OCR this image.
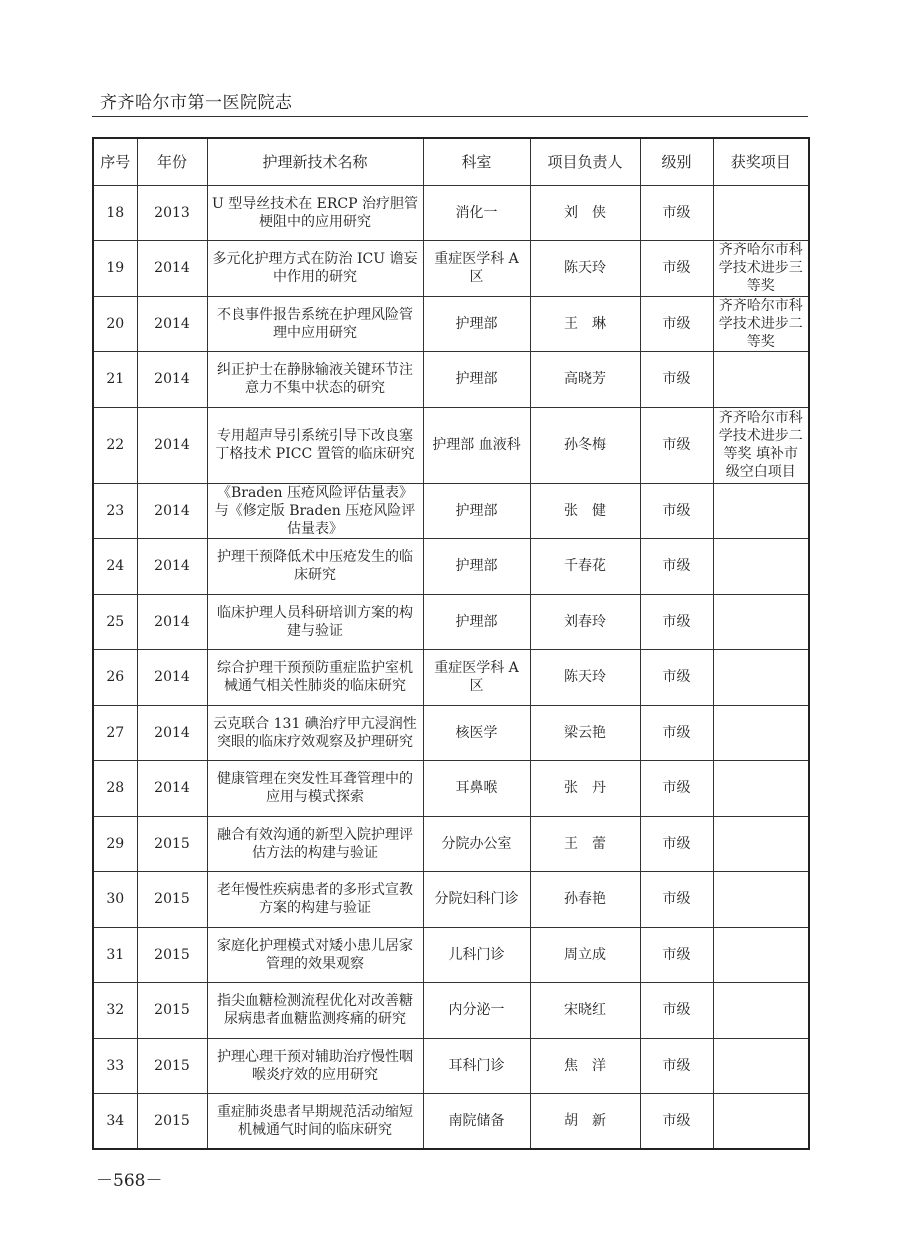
齐齐哈尔市第一医院院志
序号	年份	护理新技术名称	科室	项目负责人	级别	获奖项目
18	2013	U 型导丝技术在 ERCP 治疗胆管梗阻中的应用研究	消化一	刘　侠	市级	
19	2014	多元化护理方式在防治 ICU 谵妄中作用的研究	重症医学科 A 区	陈天玲	市级	齐齐哈尔市科学技术进步三等奖
20	2014	不良事件报告系统在护理风险管理中应用研究	护理部	王　琳	市级	齐齐哈尔市科学技术进步二等奖
21	2014	纠正护士在静脉输液关键环节注意力不集中状态的研究	护理部	高晓芳	市级	
22	2014	专用超声导引系统引导下改良塞丁格技术 PICC 置管的临床研究	护理部 血液科	孙冬梅	市级	齐齐哈尔市科学技术进步二等奖 填补市级空白项目
23	2014	《Braden 压疮风险评估量表》与《修定版 Braden 压疮风险评估量表》	护理部	张　健	市级	
24	2014	护理干预降低术中压疮发生的临床研究	护理部	千春花	市级	
25	2014	临床护理人员科研培训方案的构建与验证	护理部	刘春玲	市级	
26	2014	综合护理干预预防重症监护室机械通气相关性肺炎的临床研究	重症医学科 A 区	陈天玲	市级	
27	2014	云克联合 131 碘治疗甲亢浸润性突眼的临床疗效观察及护理研究	核医学	梁云艳	市级	
28	2014	健康管理在突发性耳聋管理中的应用与模式探索	耳鼻喉	张　丹	市级	
29	2015	融合有效沟通的新型入院护理评估方法的构建与验证	分院办公室	王　蕾	市级	
30	2015	老年慢性疾病患者的多形式宣教方案的构建与验证	分院妇科门诊	孙春艳	市级	
31	2015	家庭化护理模式对矮小患儿居家管理的效果观察	儿科门诊	周立成	市级	
32	2015	指尖血糖检测流程优化对改善糖尿病患者血糖监测疼痛的研究	内分泌一	宋晓红	市级	
33	2015	护理心理干预对辅助治疗慢性咽喉炎疗效的应用研究	耳科门诊	焦　洋	市级	
34	2015	重症肺炎患者早期规范活动缩短机械通气时间的临床研究	南院储备	胡　新	市级	
－568－
